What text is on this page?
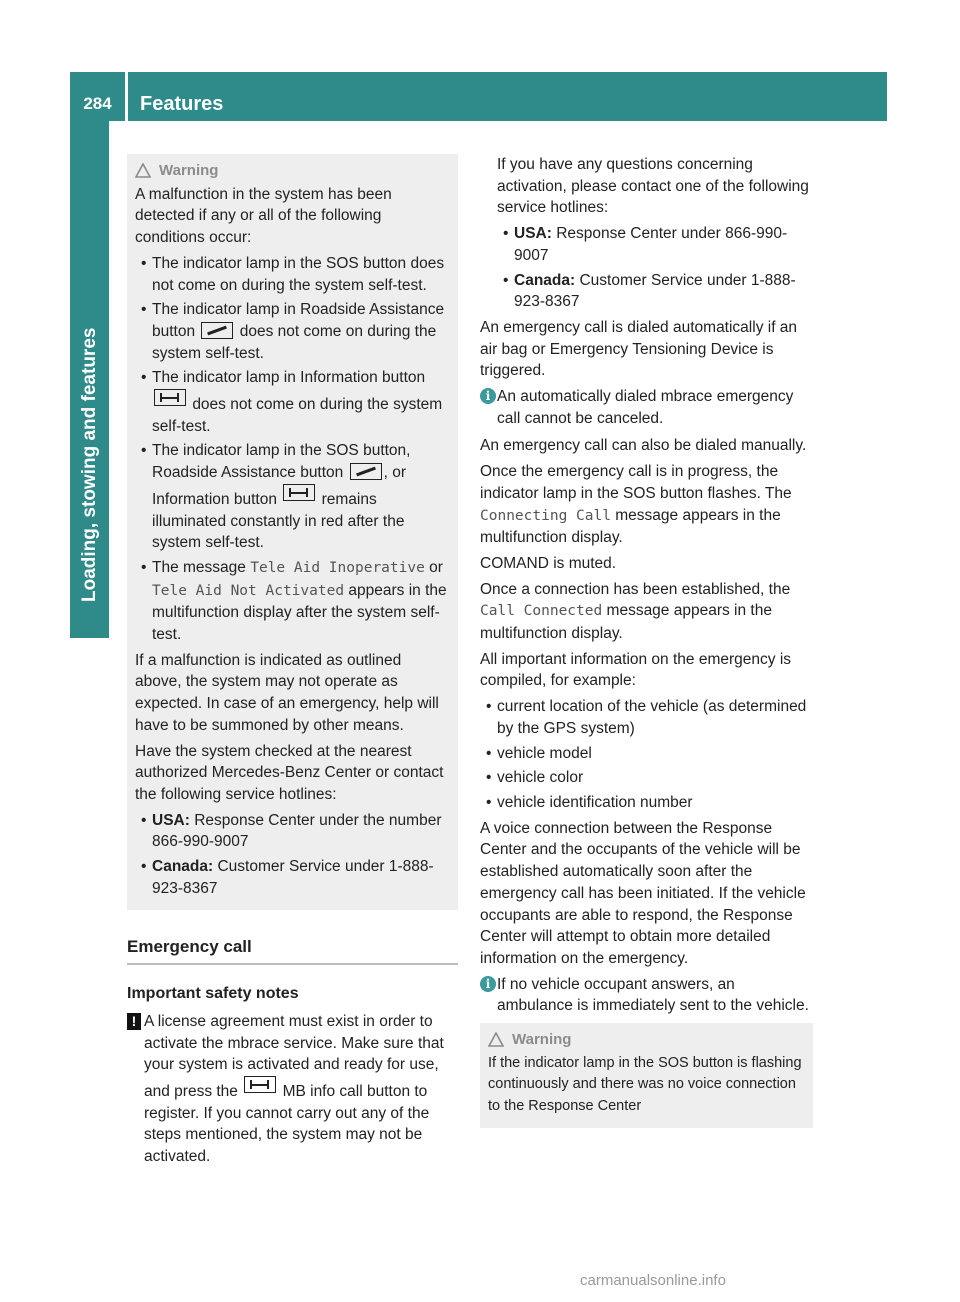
284	Features
Loading, stowing and features
Warning

A malfunction in the system has been detected if any or all of the following conditions occur:

• The indicator lamp in the SOS button does not come on during the system self-test.
• The indicator lamp in Roadside Assistance button	does not come on during the system self-test.
• The indicator lamp in Information button  does not come on during the system self-test.
• The indicator lamp in the SOS button, Roadside Assistance button	, or Information button	remains illuminated constantly in red after the system self-test.
• The message Tele Aid Inoperative or Tele Aid Not Activated appears in the multifunction display after the system self-test.

If a malfunction is indicated as outlined above, the system may not operate as expected. In case of an emergency, help will have to be summoned by other means.

Have the system checked at the nearest authorized Mercedes-Benz Center or contact the following service hotlines:

• USA: Response Center under the number 866-990-9007
• Canada: Customer Service under 1-888-923-8367
Emergency call
Important safety notes
! A license agreement must exist in order to activate the mbrace service. Make sure that your system is activated and ready for use, and press the	MB info call button to register. If you cannot carry out any of the steps mentioned, the system may not be activated.

If you have any questions concerning activation, please contact one of the following service hotlines:

• USA: Response Center under 866-990-9007
• Canada: Customer Service under 1-888-923-8367

An emergency call is dialed automatically if an air bag or Emergency Tensioning Device is triggered.

i An automatically dialed mbrace emergency call cannot be canceled.

An emergency call can also be dialed manually.

Once the emergency call is in progress, the indicator lamp in the SOS button flashes. The Connecting Call message appears in the multifunction display.

COMAND is muted.

Once a connection has been established, the Call Connected message appears in the multifunction display.

All important information on the emergency is compiled, for example:

• current location of the vehicle (as determined by the GPS system)
• vehicle model
• vehicle color
• vehicle identification number

A voice connection between the Response Center and the occupants of the vehicle will be established automatically soon after the emergency call has been initiated. If the vehicle occupants are able to respond, the Response Center will attempt to obtain more detailed information on the emergency.

i If no vehicle occupant answers, an ambulance is immediately sent to the vehicle.
Warning

If the indicator lamp in the SOS button is flashing continuously and there was no voice connection to the Response Center

carmanualsonline.info
